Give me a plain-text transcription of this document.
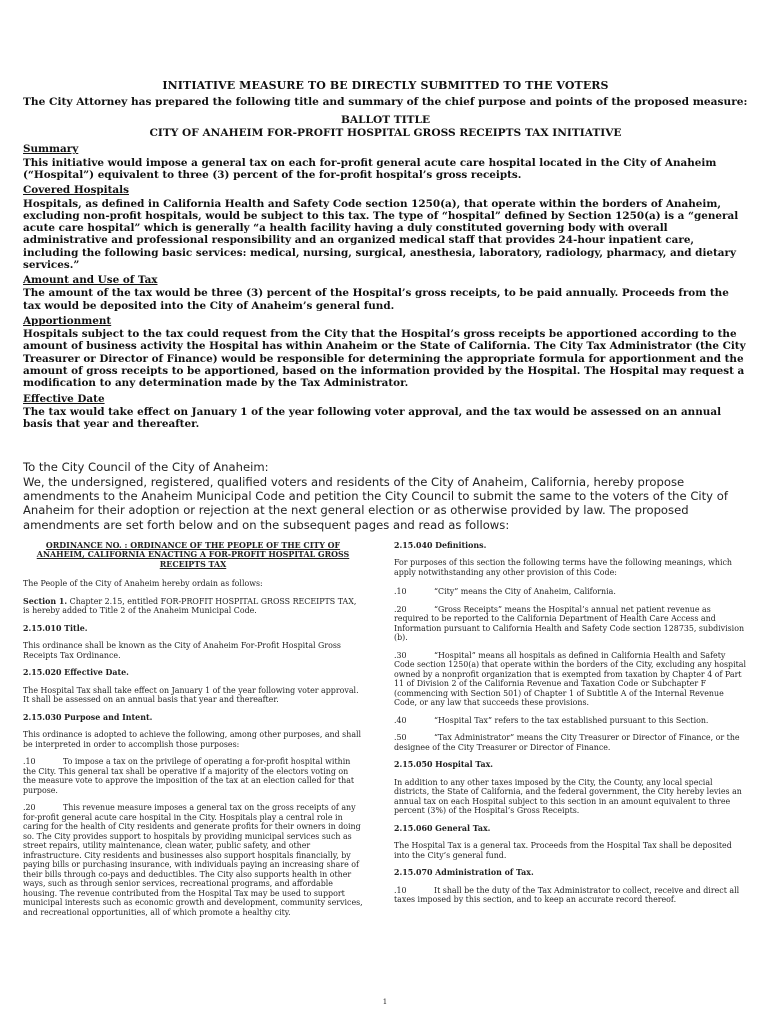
INITIATIVE MEASURE TO BE DIRECTLY SUBMITTED TO THE VOTERS
The City Attorney has prepared the following title and summary of the chief purpose and points of the proposed measure:
BALLOT TITLE
CITY OF ANAHEIM FOR-PROFIT HOSPITAL GROSS RECEIPTS TAX INITIATIVE
Summary
This initiative would impose a general tax on each for-profit general acute care hospital located in the City of Anaheim (“Hospital”) equivalent to three (3) percent of the for-profit hospital’s gross receipts.
Covered Hospitals
Hospitals, as defined in California Health and Safety Code section 1250(a), that operate within the borders of Anaheim, excluding non-profit hospitals, would be subject to this tax. The type of “hospital” defined by Section 1250(a) is a “general acute care hospital” which is generally “a health facility having a duly constituted governing body with overall administrative and professional responsibility and an organized medical staff that provides 24-hour inpatient care, including the following basic services: medical, nursing, surgical, anesthesia, laboratory, radiology, pharmacy, and dietary services.”
Amount and Use of Tax
The amount of the tax would be three (3) percent of the Hospital’s gross receipts, to be paid annually. Proceeds from the tax would be deposited into the City of Anaheim’s general fund.
Apportionment
Hospitals subject to the tax could request from the City that the Hospital’s gross receipts be apportioned according to the amount of business activity the Hospital has within Anaheim or the State of California. The City Tax Administrator (the City Treasurer or Director of Finance) would be responsible for determining the appropriate formula for apportionment and the amount of gross receipts to be apportioned, based on the information provided by the Hospital. The Hospital may request a modification to any determination made by the Tax Administrator.
Effective Date
The tax would take effect on January 1 of the year following voter approval, and the tax would be assessed on an annual basis that year and thereafter.

To the City Council of the City of Anaheim:

We, the undersigned, registered, qualified voters and residents of the City of Anaheim, California, hereby propose amendments to the Anaheim Municipal Code and petition the City Council to submit the same to the voters of the City of Anaheim for their adoption or rejection at the next general election or as otherwise provided by law. The proposed amendments are set forth below and on the subsequent pages and read as follows:

ORDINANCE NO. : ORDINANCE OF THE PEOPLE OF THE CITY OF ANAHEIM, CALIFORNIA ENACTING A FOR-PROFIT HOSPITAL GROSS RECEIPTS TAX

The People of the City of Anaheim hereby ordain as follows:

Section 1. Chapter 2.15, entitled FOR-PROFIT HOSPITAL GROSS RECEIPTS TAX, is hereby added to Title 2 of the Anaheim Municipal Code.

2.15.010 Title.

This ordinance shall be known as the City of Anaheim For-Profit Hospital Gross Receipts Tax Ordinance.

2.15.020 Effective Date.

The Hospital Tax shall take effect on January 1 of the year following voter approval. It shall be assessed on an annual basis that year and thereafter.

2.15.030 Purpose and Intent.

This ordinance is adopted to achieve the following, among other purposes, and shall be interpreted in order to accomplish those purposes:

.10	To impose a tax on the privilege of operating a for-profit hospital within the City. This general tax shall be operative if a majority of the electors voting on the measure vote to approve the imposition of the tax at an election called for that purpose.

.20	This revenue measure imposes a general tax on the gross receipts of any for-profit general acute care hospital in the City. Hospitals play a central role in caring for the health of City residents and generate profits for their owners in doing so. The City provides support to hospitals by providing municipal services such as street repairs, utility maintenance, clean water, public safety, and other infrastructure. City residents and businesses also support hospitals financially, by paying bills or purchasing insurance, with individuals paying an increasing share of their bills through co-pays and deductibles. The City also supports health in other ways, such as through senior services, recreational programs, and affordable housing. The revenue contributed from the Hospital Tax may be used to support municipal interests such as economic growth and development, community services, and recreational opportunities, all of which promote a healthy city.

2.15.040 Definitions.

For purposes of this section the following terms have the following meanings, which apply notwithstanding any other provision of this Code:

.10	“City” means the City of Anaheim, California.

.20	“Gross Receipts” means the Hospital’s annual net patient revenue as required to be reported to the California Department of Health Care Access and Information pursuant to California Health and Safety Code section 128735, subdivision (b).

.30	“Hospital” means all hospitals as defined in California Health and Safety Code section 1250(a) that operate within the borders of the City, excluding any hospital owned by a nonprofit organization that is exempted from taxation by Chapter 4 of Part 11 of Division 2 of the California Revenue and Taxation Code or Subchapter F (commencing with Section 501) of Chapter 1 of Subtitle A of the Internal Revenue Code, or any law that succeeds these provisions.

.40	“Hospital Tax” refers to the tax established pursuant to this Section.

.50	“Tax Administrator” means the City Treasurer or Director of Finance, or the designee of the City Treasurer or Director of Finance.

2.15.050 Hospital Tax.

In addition to any other taxes imposed by the City, the County, any local special districts, the State of California, and the federal government, the City hereby levies an annual tax on each Hospital subject to this section in an amount equivalent to three percent (3%) of the Hospital’s Gross Receipts.

2.15.060 General Tax.

The Hospital Tax is a general tax. Proceeds from the Hospital Tax shall be deposited into the City’s general fund.

2.15.070 Administration of Tax.

.10	It shall be the duty of the Tax Administrator to collect, receive and direct all taxes imposed by this section, and to keep an accurate record thereof.

1
